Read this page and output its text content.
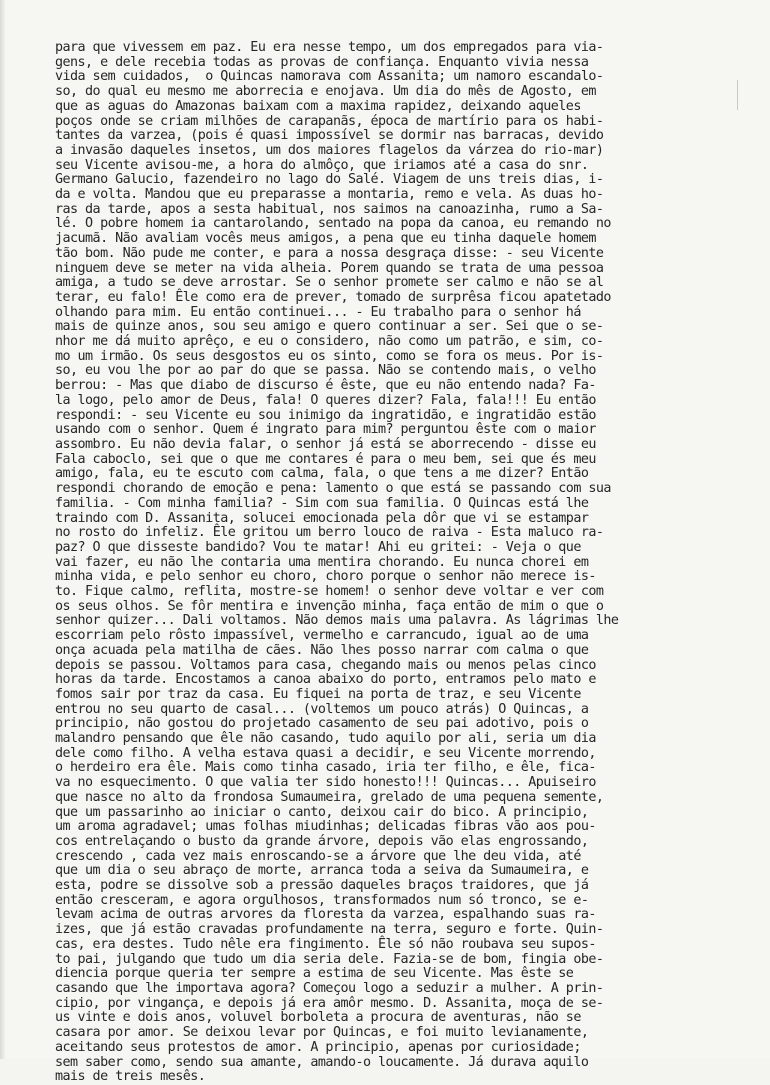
para que vivessem em paz. Eu era nesse tempo, um dos empregados para via-
gens, e dele recebia todas as provas de confiança. Enquanto vivia nessa
vida sem cuidados,  o Quincas namorava com Assanita; um namoro escandalo-
so, do qual eu mesmo me aborrecia e enojava. Um dia do mês de Agosto, em
que as aguas do Amazonas baixam com a maxima rapidez, deixando aqueles
poços onde se criam milhões de carapanãs, época de martírio para os habi-
tantes da varzea, (pois é quasi impossível se dormir nas barracas, devido
a invasão daqueles insetos, um dos maiores flagelos da várzea do rio-mar)
seu Vicente avisou-me, a hora do almôço, que iriamos até a casa do snr.
Germano Galucio, fazendeiro no lago do Salé. Viagem de uns treis dias, i-
da e volta. Mandou que eu preparasse a montaria, remo e vela. As duas ho-
ras da tarde, apos a sesta habitual, nos saimos na canoazinha, rumo a Sa-
lé. O pobre homem ia cantarolando, sentado na popa da canoa, eu remando no
jacumã. Não avaliam vocês meus amigos, a pena que eu tinha daquele homem
tão bom. Não pude me conter, e para a nossa desgraça disse: - seu Vicente
ninguem deve se meter na vida alheia. Porem quando se trata de uma pessoa
amiga, a tudo se deve arrostar. Se o senhor promete ser calmo e não se al
terar, eu falo! Êle como era de prever, tomado de surprêsa ficou apatetado
olhando para mim. Eu então continuei... - Eu trabalho para o senhor há
mais de quinze anos, sou seu amigo e quero continuar a ser. Sei que o se-
nhor me dá muito aprêço, e eu o considero, não como um patrão, e sim, co-
mo um irmão. Os seus desgostos eu os sinto, como se fora os meus. Por is-
so, eu vou lhe por ao par do que se passa. Não se contendo mais, o velho
berrou: - Mas que diabo de discurso é êste, que eu não entendo nada? Fa-
la logo, pelo amor de Deus, fala! O queres dizer? Fala, fala!!! Eu então
respondi: - seu Vicente eu sou inimigo da ingratidão, e ingratidão estão
usando com o senhor. Quem é ingrato para mim? perguntou êste com o maior
assombro. Eu não devia falar, o senhor já está se aborrecendo - disse eu
Fala caboclo, sei que o que me contares é para o meu bem, sei que és meu
amigo, fala, eu te escuto com calma, fala, o que tens a me dizer? Então
respondi chorando de emoção e pena: lamento o que está se passando com sua
familia. - Com minha familia? - Sim com sua familia. O Quincas está lhe
traindo com D. Assanita, solucei emocionada pela dôr que vi se estampar
no rosto do infeliz. Êle gritou um berro louco de raiva - Esta maluco ra-
paz? O que disseste bandido? Vou te matar! Ahi eu gritei: - Veja o que
vai fazer, eu não lhe contaria uma mentira chorando. Eu nunca chorei em
minha vida, e pelo senhor eu choro, choro porque o senhor não merece is-
to. Fique calmo, reflita, mostre-se homem! o senhor deve voltar e ver com
os seus olhos. Se fôr mentira e invenção minha, faça então de mim o que o
senhor quizer... Dali voltamos. Não demos mais uma palavra. As lágrimas lhe
escorriam pelo rôsto impassível, vermelho e carrancudo, igual ao de uma
onça acuada pela matilha de cães. Não lhes posso narrar com calma o que
depois se passou. Voltamos para casa, chegando mais ou menos pelas cinco
horas da tarde. Encostamos a canoa abaixo do porto, entramos pelo mato e
fomos sair por traz da casa. Eu fiquei na porta de traz, e seu Vicente
entrou no seu quarto de casal... (voltemos um pouco atrás) O Quincas, a
principio, não gostou do projetado casamento de seu pai adotivo, pois o
malandro pensando que êle não casando, tudo aquilo por ali, seria um dia
dele como filho. A velha estava quasi a decidir, e seu Vicente morrendo,
o herdeiro era êle. Mais como tinha casado, iria ter filho, e êle, fica-
va no esquecimento. O que valia ter sido honesto!!! Quincas... Apuiseiro
que nasce no alto da frondosa Sumaumeira, grelado de uma pequena semente,
que um passarinho ao iniciar o canto, deixou cair do bico. A principio,
um aroma agradavel; umas folhas miudinhas; delicadas fibras vão aos pou-
cos entrelaçando o busto da grande árvore, depois vão elas engrossando,
crescendo , cada vez mais enroscando-se a árvore que lhe deu vida, até
que um dia o seu abraço de morte, arranca toda a seiva da Sumaumeira, e
esta, podre se dissolve sob a pressão daqueles braços traidores, que já
então cresceram, e agora orgulhosos, transformados num só tronco, se e-
levam acima de outras arvores da floresta da varzea, espalhando suas ra-
izes, que já estão cravadas profundamente na terra, seguro e forte. Quin-
cas, era destes. Tudo nêle era fingimento. Êle só não roubava seu supos-
to pai, julgando que tudo um dia seria dele. Fazia-se de bom, fingia obe-
diencia porque queria ter sempre a estima de seu Vicente. Mas êste se
casando que lhe importava agora? Começou logo a seduzir a mulher. A prin-
cipio, por vingança, e depois já era amôr mesmo. D. Assanita, moça de se-
us vinte e dois anos, voluvel borboleta a procura de aventuras, não se
casara por amor. Se deixou levar por Quincas, e foi muito levianamente,
aceitando seus protestos de amor. A principio, apenas por curiosidade;
sem saber como, sendo sua amante, amando-o loucamente. Já durava aquilo
mais de treis mesês.
